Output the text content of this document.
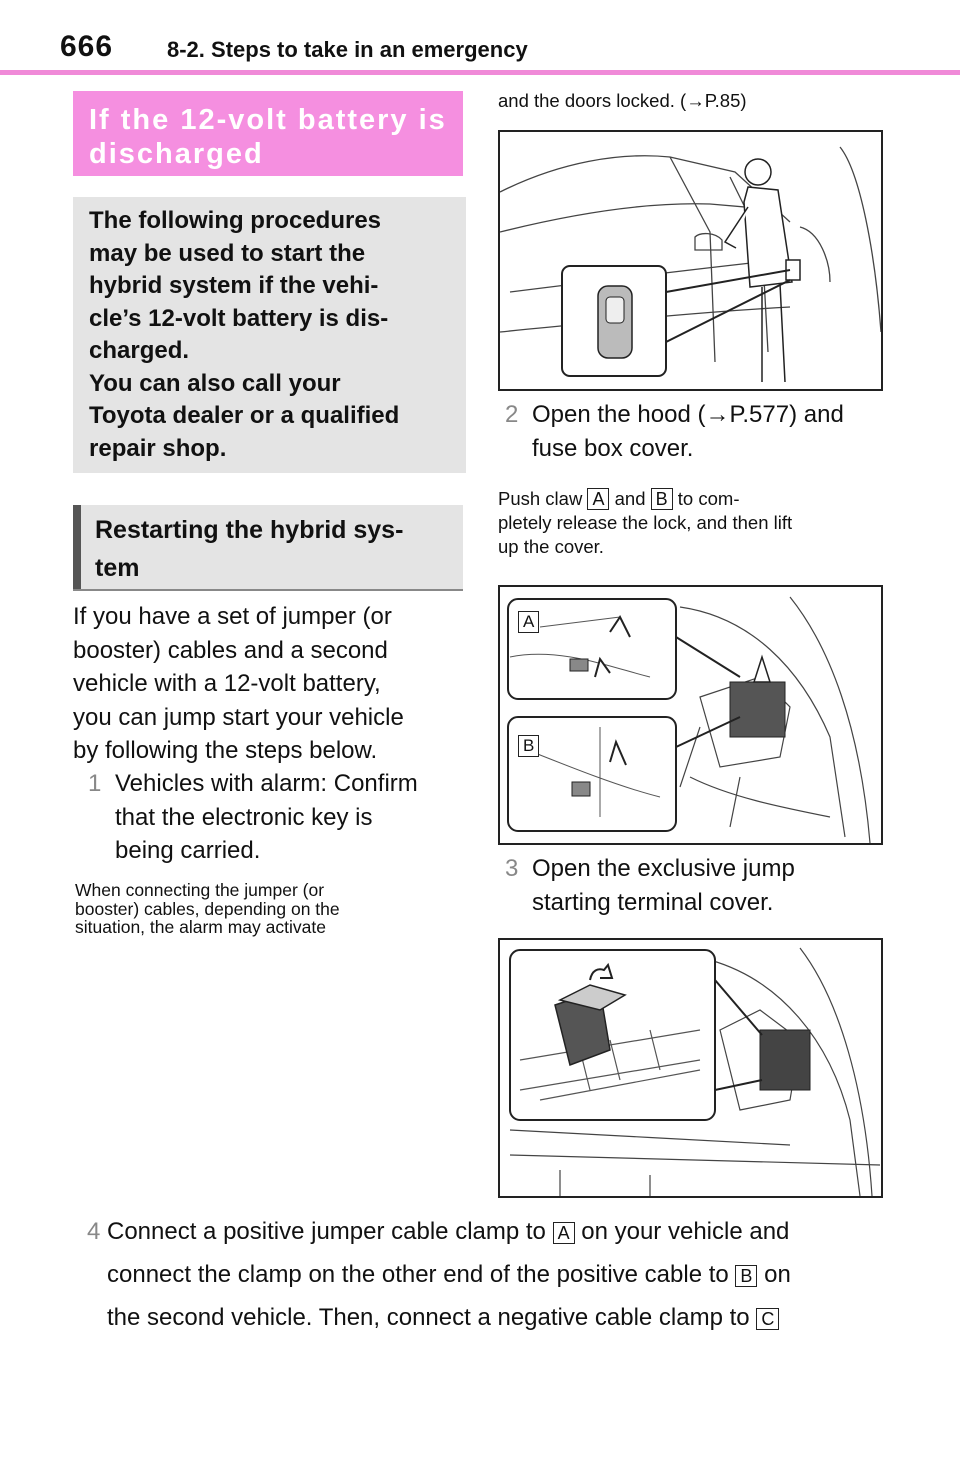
666 8-2. Steps to take in an emergency
If the 12-volt battery is
discharged

The following procedures

may be used to start the

hybrid system if the vehi-

cle’s 12-volt battery is dis-

charged.

You can also call your

Toyota dealer or a qualified

repair shop.

Restarting the hybrid sys-
tem
If you have a set of jumper (or
booster) cables and a second
vehicle with a 12-volt battery,
you can jump start your vehicle
by following the steps below.
1 Vehicles with alarm: Confirm
that the electronic key is
being carried.
When connecting the jumper (or
booster) cables, depending on the
situation, the alarm may activate
and the doors locked. (→P.85)
2 Open the hood (→P.577) and
fuse box cover.
Push claw A and B to com-
pletely release the lock, and then lift
up the cover.
A
B
3 Open the exclusive jump
starting terminal cover.
4 Connect a positive jumper cable clamp to A on your vehicle and
connect the clamp on the other end of the positive cable to B on
the second vehicle. Then, connect a negative cable clamp to C
